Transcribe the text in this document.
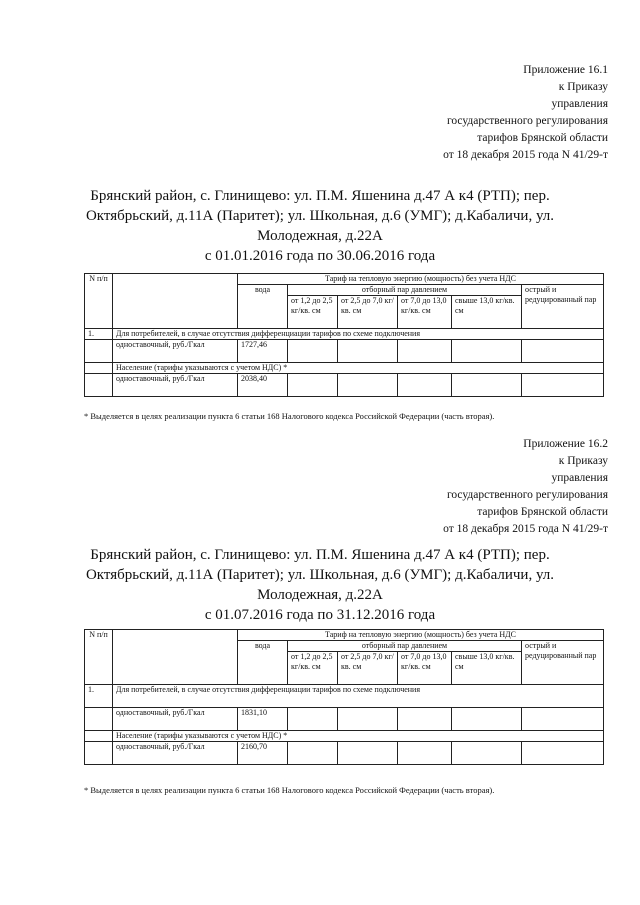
Приложение 16.1
к Приказу
управления
государственного регулирования
тарифов Брянской области
от 18 декабря 2015 года N 41/29-т
Брянский район, с. Глинищево: ул. П.М. Яшенина д.47 А к4 (РТП); пер.
Октябрьский, д.11А (Паритет); ул. Школьная, д.6 (УМГ); д.Кабаличи, ул.
Молодежная, д.22А
с 01.01.2016 года по 30.06.2016 года
N п/п		Тариф на тепловую энергию (мощность) без учета НДС					
		вода	отборный пар давлением				острый и редуцированный пар
			от 1,2 до 2,5 кг/кв. см	от 2,5 до 7,0 кг/кв. см	от 7,0 до 13,0 кг/кв. см	свыше 13,0 кг/кв. см	
1.	Для потребителей, в случае отсутствия дифференциации тарифов по схеме подключения						
	одноставочный, руб./Гкал	1727,46					
	Население (тарифы указываются с учетом НДС) *						
	одноставочный, руб./Гкал	2038,40					
* Выделяется в целях реализации пункта 6 статьи 168 Налогового кодекса Российской Федерации (часть вторая).
Приложение 16.2
к Приказу
управления
государственного регулирования
тарифов Брянской области
от 18 декабря 2015 года N 41/29-т
Брянский район, с. Глинищево: ул. П.М. Яшенина д.47 А к4 (РТП); пер.
Октябрьский, д.11А (Паритет); ул. Школьная, д.6 (УМГ); д.Кабаличи, ул.
Молодежная, д.22А
с 01.07.2016 года по 31.12.2016 года
N п/п		Тариф на тепловую энергию (мощность) без учета НДС					
		вода	отборный пар давлением				острый и редуцированный пар
			от 1,2 до 2,5 кг/кв. см	от 2,5 до 7,0 кг/кв. см	от 7,0 до 13,0 кг/кв. см	свыше 13,0 кг/кв. см	
1.	Для потребителей, в случае отсутствия дифференциации тарифов по схеме подключения						
	одноставочный, руб./Гкал	1831,10					
	Население (тарифы указываются с учетом НДС) *						
	одноставочный, руб./Гкал	2160,70					
* Выделяется в целях реализации пункта 6 статьи 168 Налогового кодекса Российской Федерации (часть вторая).
